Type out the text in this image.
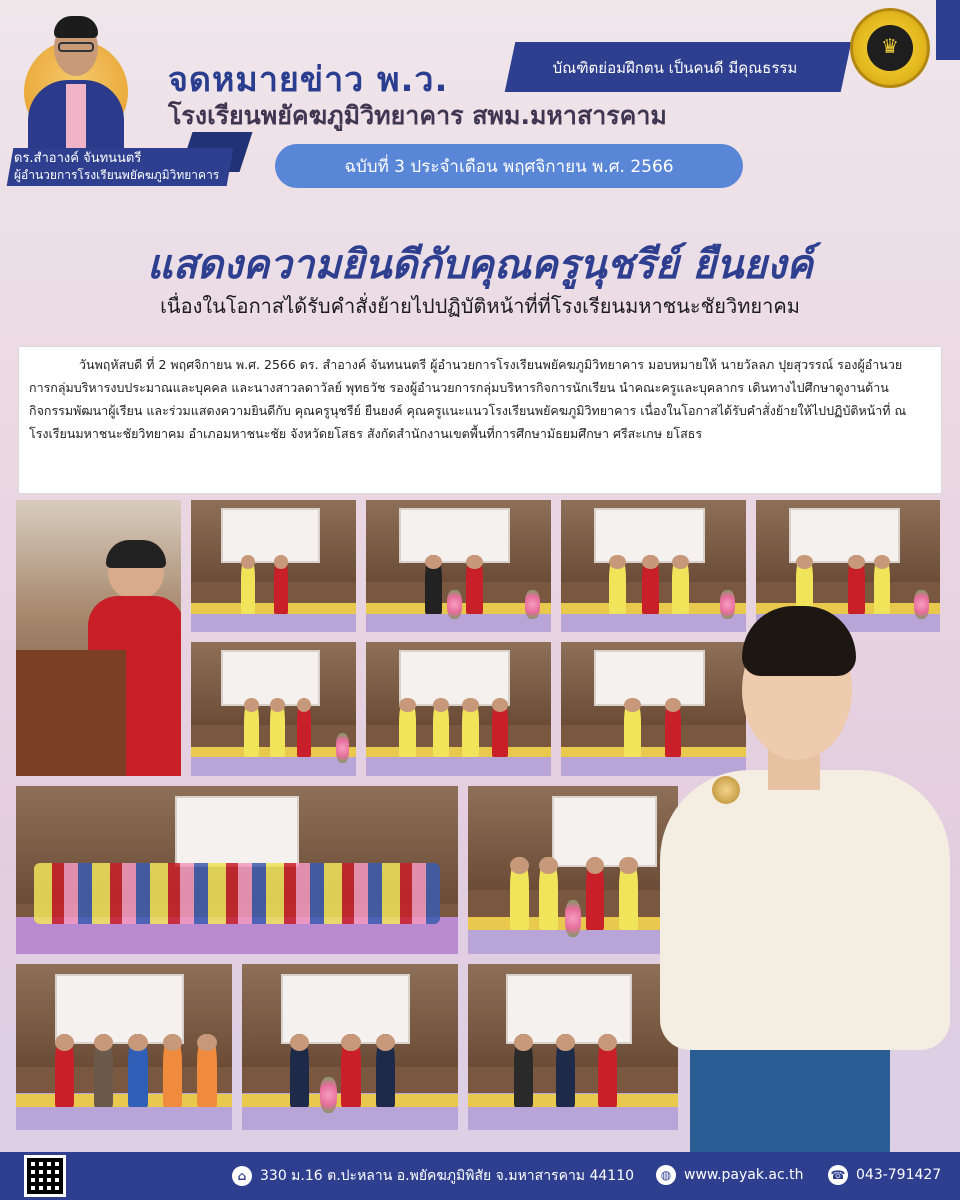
ดร.สำอางค์ จันทนนตรี
ผู้อำนวยการโรงเรียนพยัคฆภูมิวิทยาคาร
จดหมายข่าว พ.ว.
โรงเรียนพยัคฆภูมิวิทยาคาร สพม.มหาสารคาม
บัณฑิตย่อมฝึกตน เป็นคนดี มีคุณธรรม
♛
ฉบับที่ 3 ประจำเดือน พฤศจิกายน พ.ศ. 2566
แสดงความยินดีกับคุณครูนุชรีย์ ยืนยงค์
เนื่องในโอกาสได้รับคำสั่งย้ายไปปฏิบัติหน้าที่ที่โรงเรียนมหาชนะชัยวิทยาคม

วันพฤหัสบดี ที่ 2 พฤศจิกายน พ.ศ. 2566 ดร. สำอางค์ จันทนนตรี ผู้อำนวยการโรงเรียนพยัคฆภูมิวิทยาคาร มอบหมายให้ นายวัลลภ ปุยสุวรรณ์ รองผู้อำนวยการกลุ่มบริหารงบประมาณและบุคคล และนางสาวลดาวัลย์ พุทธวัช รองผู้อำนวยการกลุ่มบริหารกิจการนักเรียน นำคณะครูและบุคลากร เดินทางไปศึกษาดูงานด้านกิจกรรมพัฒนาผู้เรียน และร่วมแสดงความยินดีกับ คุณครูนุชรีย์ ยืนยงค์ คุณครูแนะแนวโรงเรียนพยัคฆภูมิวิทยาคาร เนื่องในโอกาสได้รับคำสั่งย้ายให้ไปปฏิบัติหน้าที่ ณ โรงเรียนมหาชนะชัยวิทยาคม อำเภอมหาชนะชัย จังหวัดยโสธร สังกัดสำนักงานเขตพื้นที่การศึกษามัธยมศึกษา ศรีสะเกษ ยโสธร

⌂ 330 ม.16 ต.ปะหลาน อ.พยัคฆภูมิพิสัย จ.มหาสารคาม 44110	◍ www.payak.ac.th ☎ 043-791427
